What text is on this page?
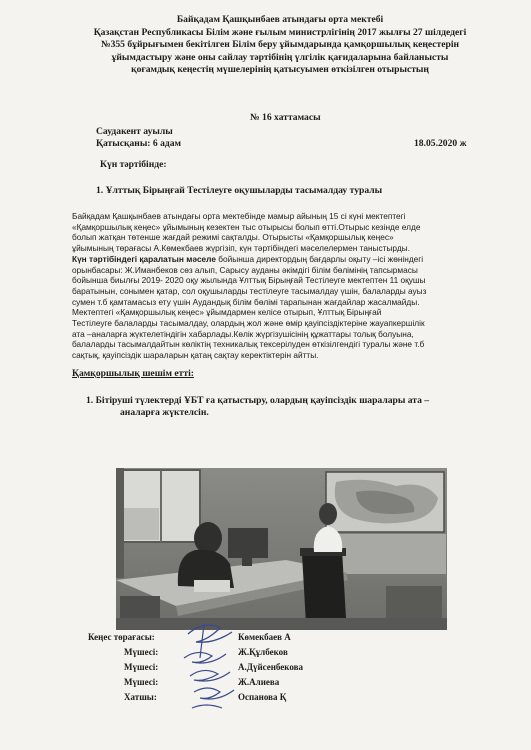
Байқадам Қашқынбаев атындағы орта мектебі
Қазақстан Республикасы Білім және ғылым министрлігінің 2017 жылғы 27 шілдедегі
№355 бұйрығымен бекітілген Білім беру ұйымдарында қамқоршылық кеңестерін
ұйымдастыру және оны сайлау тәртібінің үлгілік қағидаларына байланысты
қоғамдық кеңестің мүшелерінің қатысуымен өткізілген отырыстың
№ 16 хаттамасы
Саудакент ауылы
Қатысқаны: 6 адам	18.05.2020 ж
Күн тәртібінде:
1. Ұлттық Бірыңғай Тестілеуге оқушыларды тасымалдау туралы
Байқадам Қашқынбаев атындағы орта мектебінде мамыр айының 15 сі күні мектептегі
«Қамқоршылық кеңес» ұйымының кезектен тыс отырысы болып өтті.Отырыс кезінде елде
болып жатқан төтенше жағдай режимі сақталды. Отырысты «Қамқоршылық кеңес»
ұйымының төрағасы А.Көмекбаев жүргізіп, күн тәртібіндегі мәселелермен таныстырды.
Күн тәртібіндегі қаралатын мәселе бойынша директордың бағдарлы оқыту –ісі жөніндегі
орынбасары: Ж.Иманбеков сөз алып, Сарысу ауданы әкімдігі білім бөлімінің тапсырмасы
бойынша биылғы 2019- 2020 оқу жылында Ұлттық Бірыңғай Тестілеуге мектептен 11 оқушы
баратынын, сонымен қатар, сол оқушыларды тестілеуге тасымалдау үшін, балаларды ауыз
сумен т.б қамтамасыз ету үшін Аудандық білім бөлімі тарапынан жағдайлар жасалмайды.
Мектептегі «Қамқоршылық кеңес» ұйымдармен келісе отырып, Ұлттық Бірыңғай
Тестілеуге балаларды тасымалдау, олардың жол және өмір қауіпсіздіктеріне жауапкершілік
ата –аналарға жүктелетіндігін хабарлады.Көлік жүргізушісінің құжаттары толық болуына,
балаларды тасымалдайтын көліктің техникалық тексерілуден өткізілгендігі туралы және т.б
сақтық, қауіпсіздік шараларын қатаң сақтау керектіктерін айтты.
Қамқоршылық шешім етті:
1. Бітіруші түлектерді ҰБТ ға қатыстыру, олардың қауіпсіздік шаралары ата –
аналарға жүктелсін.
Кеңес төрағасы:	Көмекбаев А
Мүшесі:	Ж.Құлбеков
Мүшесі:	А.Дүйсенбекова
Мүшесі:	Ж.Алиева
Хатшы:	Оспанова Қ
